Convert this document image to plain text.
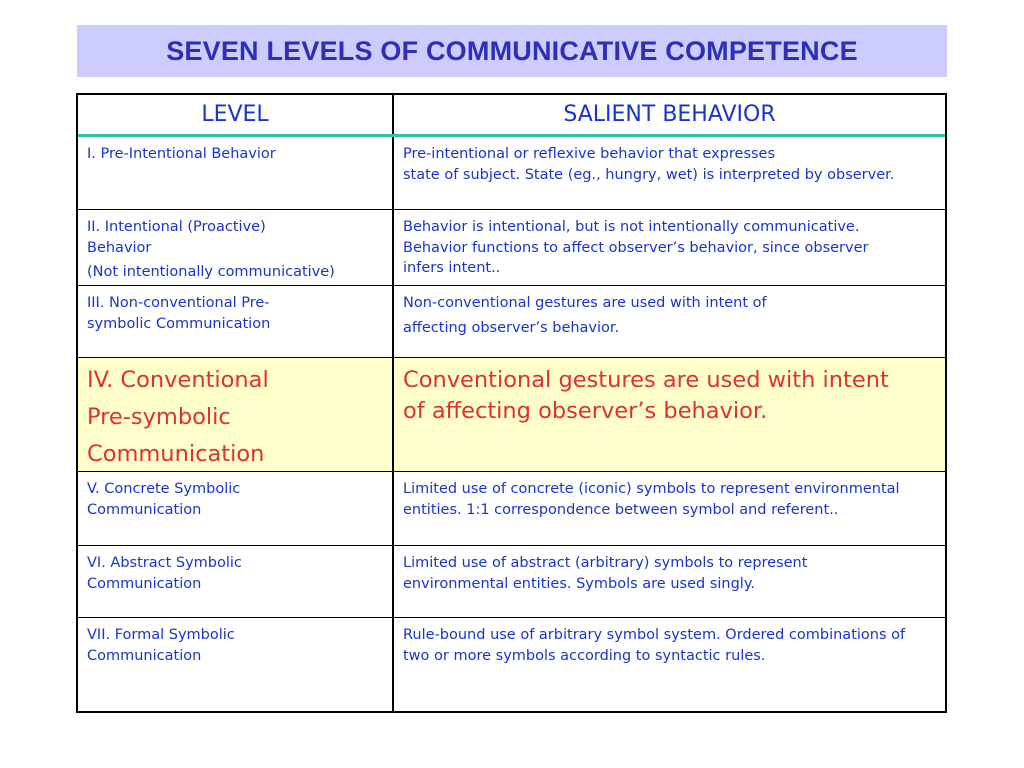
SEVEN LEVELS OF COMMUNICATIVE COMPETENCE
LEVEL	SALIENT BEHAVIOR

I. Pre-Intentional Behavior	Pre-intentional or reflexive behavior that expresses

state of subject. State (eg., hungry, wet) is interpreted by observer.

II. Intentional (Proactive) Behavior

(Not intentionally communicative)

Behavior is intentional, but is not intentionally communicative. Behavior functions to affect observer’s behavior, since observer infers intent..

III. Non-conventional Pre-symbolic Communication

Non-conventional gestures are used with intent of

affecting observer’s behavior.

IV. Conventional

Pre-symbolic

Communication

Conventional gestures are used with intent of affecting observer’s behavior.

V. Concrete Symbolic Communication

Limited use of concrete (iconic) symbols to represent environmental entities. 1:1 correspondence between symbol and referent..

VI. Abstract Symbolic Communication

Limited use of abstract (arbitrary) symbols to represent environmental entities. Symbols are used singly.

VII. Formal Symbolic Communication

Rule-bound use of arbitrary symbol system. Ordered combinations of two or more symbols according to syntactic rules.
